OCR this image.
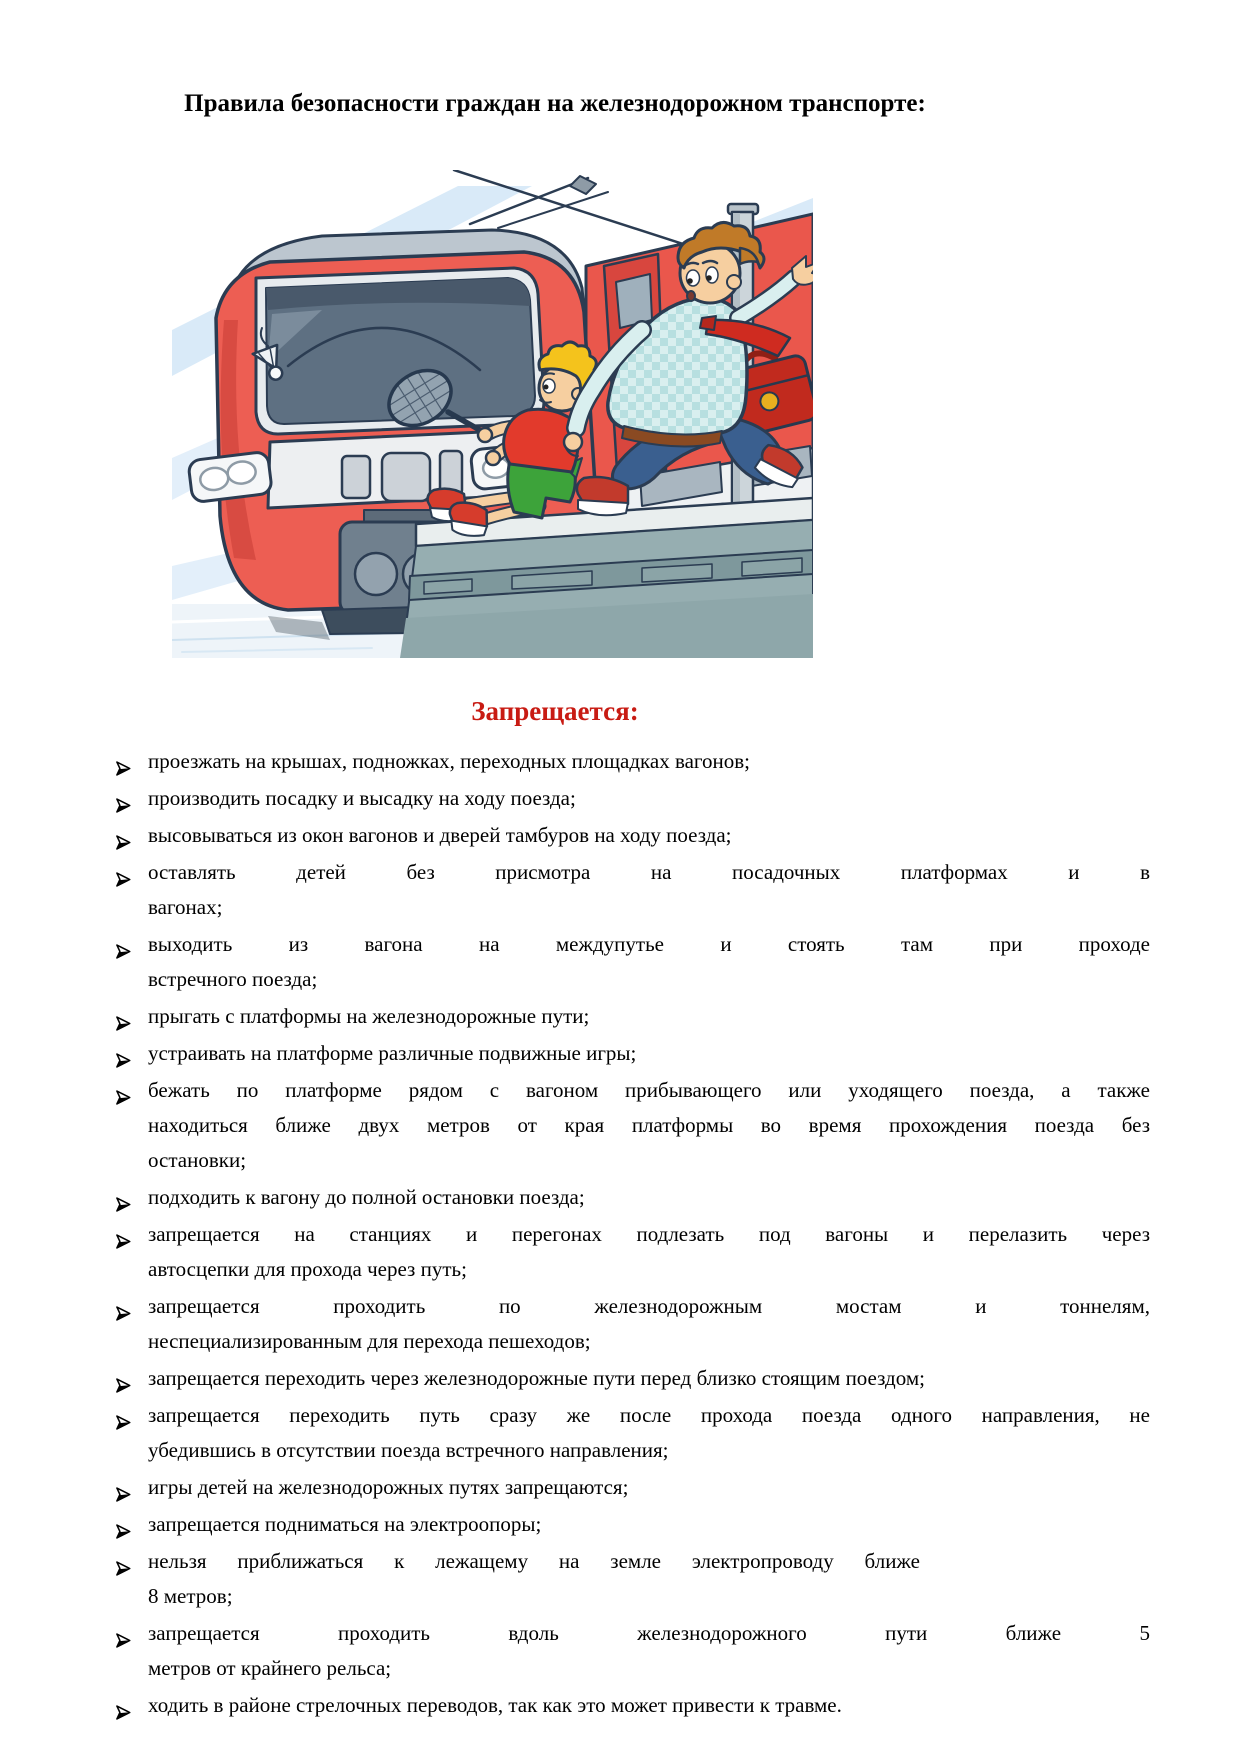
Правила безопасности граждан на железнодорожном транспорте:
Запрещается:
проезжать на крышах, подножках, переходных площадках вагонов;
производить посадку и высадку на ходу поезда;
высовываться из окон вагонов и дверей тамбуров на ходу поезда;
оставлять детей без присмотра на посадочных платформах и в
вагонах;
выходить из вагона на междупутье и стоять там при проходе
встречного поезда;
прыгать с платформы на железнодорожные пути;
устраивать на платформе различные подвижные игры;
бежать по платформе рядом с вагоном прибывающего или уходящего поезда, а также
находиться ближе двух метров от края платформы во время прохождения поезда без
остановки;
подходить к вагону до полной остановки поезда;
запрещается на станциях и перегонах подлезать под вагоны и перелазить через
автосцепки для прохода через путь;
запрещается проходить по железнодорожным мостам и тоннелям,
неспециализированным для перехода пешеходов;
запрещается переходить через железнодорожные пути перед близко стоящим поездом;
запрещается переходить путь сразу же после прохода поезда одного направления, не
убедившись в отсутствии поезда встречного направления;
игры детей на железнодорожных путях запрещаются;
запрещается подниматься на электроопоры;
нельзя приближаться к лежащему на земле электропроводу ближе
8 метров;
запрещается проходить вдоль железнодорожного пути ближе 5
метров от крайнего рельса;
ходить в районе стрелочных переводов, так как это может привести к травме.
